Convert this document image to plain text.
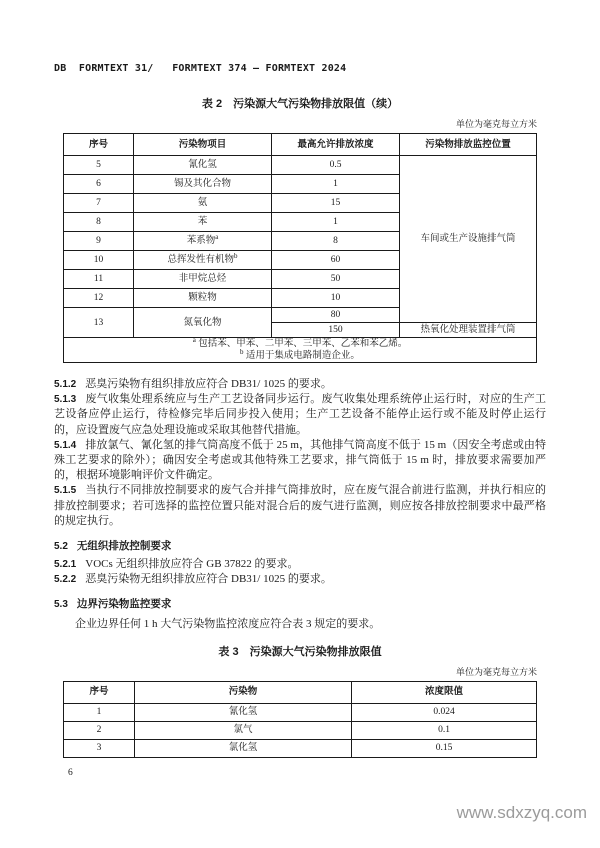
DB  FORMTEXT 31/   FORMTEXT 374 — FORMTEXT 2024
表 2　污染源大气污染物排放限值（续）
单位为毫克每立方米
序号	污染物项目	最高允许排放浓度	污染物排放监控位置
5	氰化氢	0.5	车间或生产设施排气筒
6	锡及其化合物	1	
7	氨	15	
8	苯	1	
9	苯系物$^a$	8	
10	总挥发性有机物$^b$	60	
11	非甲烷总烃	50	
12	颗粒物	10	
13	氮氧化物	80	
		150	热氧化处理装置排气筒

$^a$ 包括苯、甲苯、二甲苯、三甲苯、乙苯和苯乙烯。
$^b$ 适用于集成电路制造企业。			

5.1.2 恶臭污染物有组织排放应符合 DB31/ 1025 的要求。

5.1.3 废气收集处理系统应与生产工艺设备同步运行。废气收集处理系统停止运行时，对应的生产工艺设备应停止运行，待检修完毕后同步投入使用；生产工艺设备不能停止运行或不能及时停止运行的，应设置废气应急处理设施或采取其他替代措施。

5.1.4 排放氯气、氰化氢的排气筒高度不低于 25 m，其他排气筒高度不低于 15 m（因安全考虑或由特殊工艺要求的除外）；确因安全考虑或其他特殊工艺要求，排气筒低于 15 m 时，排放要求需要加严的，根据环境影响评价文件确定。

5.1.5 当执行不同排放控制要求的废气合并排气筒排放时，应在废气混合前进行监测，并执行相应的排放控制要求；若可选择的监控位置只能对混合后的废气进行监测，则应按各排放控制要求中最严格的规定执行。

5.2 无组织排放控制要求

5.2.1 VOCs 无组织排放应符合 GB 37822 的要求。

5.2.2 恶臭污染物无组织排放应符合 DB31/ 1025 的要求。

5.3 边界污染物监控要求

企业边界任何 1 h 大气污染物监控浓度应符合表 3 规定的要求。

表 3　污染源大气污染物排放限值
单位为毫克每立方米
序号	污染物	浓度限值
1	氰化氢	0.024
2	氯气	0.1
3	氯化氢	0.15
6
www.sdxzyq.com
